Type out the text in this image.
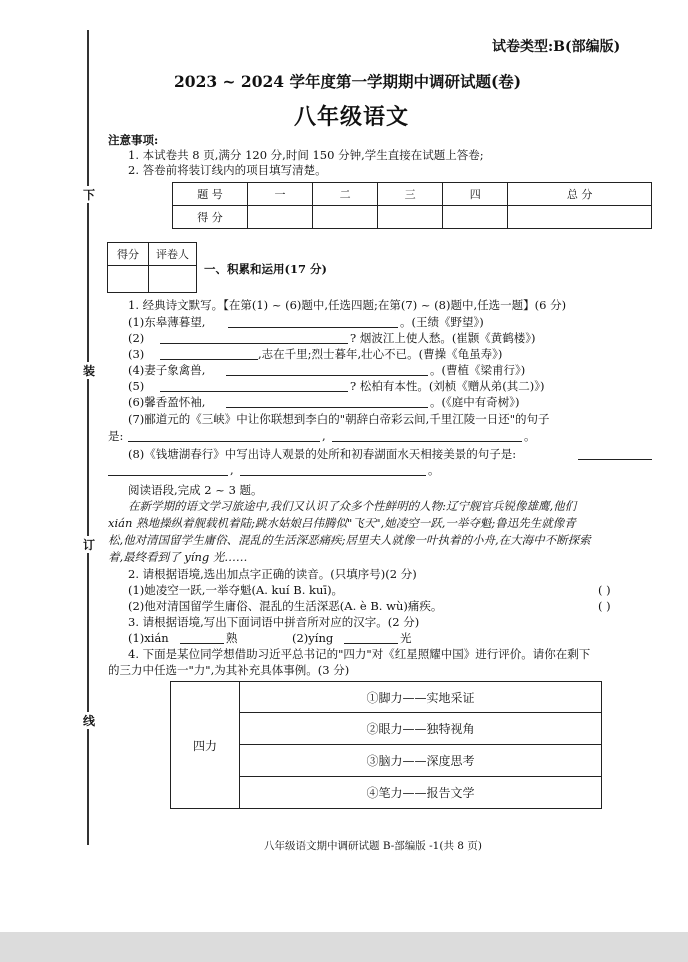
下
装
订
线
试卷类型:B(部编版)
2023 ~ 2024 学年度第一学期期中调研试题(卷)
八年级语文
注意事项:
1. 本试卷共 8 页,满分 120 分,时间 150 分钟,学生直接在试题上答卷;
2. 答卷前将装订线内的项目填写清楚。
题 号	一	二	三	四	总 分
得 分					
得分	评卷人

一、积累和运用(17 分)
1. 经典诗文默写。【在第(1) ~ (6)题中,任选四题;在第(7) ~ (8)题中,任选一题】(6 分)
(1)东皋薄暮望,	。(王绩《野望》)
(2)	? 烟波江上使人愁。(崔颢《黄鹤楼》)
(3)	,志在千里;烈士暮年,壮心不已。(曹操《龟虽寿》)
(4)妻子象禽兽,	。(曹植《梁甫行》)
(5)	? 松柏有本性。(刘桢《赠从弟(其二)》)
(6)馨香盈怀袖,	。(《庭中有奇树》)
(7)郦道元的《三峡》中让你联想到李白的"朝辞白帝彩云间,千里江陵一日还"的句子
是:	,	。
(8)《钱塘湖春行》中写出诗人观景的处所和初春湖面水天相接美景的句子是:
,	。
阅读语段,完成 2 ~ 3 题。
在新学期的语文学习旅途中,我们又认识了众多个性鲜明的人物:辽宁舰官兵锐像雄鹰,他们
xián 熟地操纵着舰载机着陆;跳水姑娘吕伟腾似"飞天",她凌空一跃,一举夺魁;鲁迅先生就像青
松,他对清国留学生庸俗、混乱的生活深恶痛疾;居里夫人就像一叶执着的小舟,在大海中不断探索
着,最终看到了 yíng 光……
2. 请根据语境,选出加点字正确的读音。(只填序号)(2 分)
(1)她凌空一跃,一举夺魁(A. kuí B. kuī)。	( )
(2)他对清国留学生庸俗、混乱的生活深恶(A. è B. wù)痛疾。	( )
3. 请根据语境,写出下面词语中拼音所对应的汉字。(2 分)
(1)xián	熟	(2)yíng	光
4. 下面是某位同学想借助习近平总书记的"四力"对《红星照耀中国》进行评价。请你在剩下
的三力中任选一"力",为其补充具体事例。(3 分)
四力	①脚力——实地采证
②眼力——独特视角
③脑力——深度思考
④笔力——报告文学
八年级语文期中调研试题 B-部编版 -1(共 8 页)
